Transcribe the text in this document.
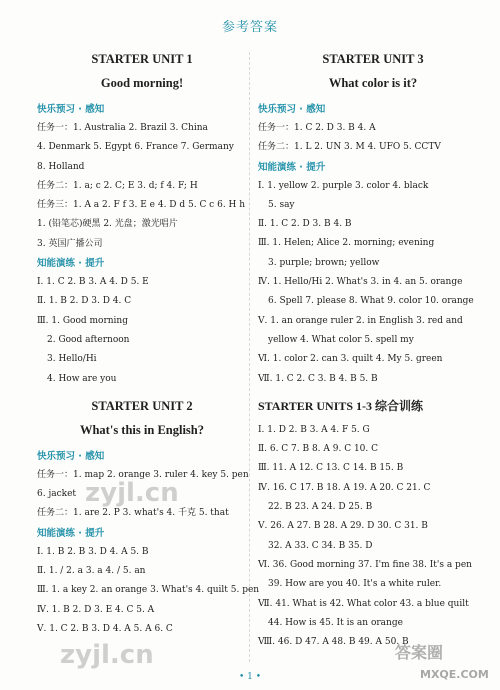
参考答案
STARTER UNIT 1
Good morning!
快乐预习 · 感知
任务一：1. Australia 2. Brazil 3. China
4. Denmark 5. Egypt 6. France 7. Germany
8. Holland
任务二：1. a; c 2. C; E 3. d; f 4. F; H
任务三：1. A a 2. F f 3. E e 4. D d 5. C c 6. H h
1. (铅笔芯)硬黑 2. 光盘；激光唱片
3. 英国广播公司
知能演练 · 提升
Ⅰ. 1. C 2. B 3. A 4. D 5. E
Ⅱ. 1. B 2. D 3. D 4. C
Ⅲ. 1. Good morning
2. Good afternoon
3. Hello/Hi
4. How are you
STARTER UNIT 2
What's this in English?
快乐预习 · 感知
任务一：1. map 2. orange 3. ruler 4. key 5. pen
6. jacket
任务二：1. are 2. P 3. what's 4. 千克 5. that
知能演练 · 提升
Ⅰ. 1. B 2. B 3. D 4. A 5. B
Ⅱ. 1. / 2. a 3. a 4. / 5. an
Ⅲ. 1. a key 2. an orange 3. What's 4. quilt 5. pen
Ⅳ. 1. B 2. D 3. E 4. C 5. A
Ⅴ. 1. C 2. B 3. D 4. A 5. A 6. C
STARTER UNIT 3
What color is it?
快乐预习 · 感知
任务一：1. C 2. D 3. B 4. A
任务二：1. L 2. UN 3. M 4. UFO 5. CCTV
知能演练 · 提升
Ⅰ. 1. yellow 2. purple 3. color 4. black
5. say
Ⅱ. 1. C 2. D 3. B 4. B
Ⅲ. 1. Helen; Alice 2. morning; evening
3. purple; brown; yellow
Ⅳ. 1. Hello/Hi 2. What's 3. in 4. an 5. orange
6. Spell 7. please 8. What 9. color 10. orange
Ⅴ. 1. an orange ruler 2. in English 3. red and
yellow 4. What color 5. spell my
Ⅵ. 1. color 2. can 3. quilt 4. My 5. green
Ⅶ. 1. C 2. C 3. B 4. B 5. B
STARTER UNITS 1-3 综合训练
Ⅰ. 1. D 2. B 3. A 4. F 5. G
Ⅱ. 6. C 7. B 8. A 9. C 10. C
Ⅲ. 11. A 12. C 13. C 14. B 15. B
Ⅳ. 16. C 17. B 18. A 19. A 20. C 21. C
22. B 23. A 24. D 25. B
Ⅴ. 26. A 27. B 28. A 29. D 30. C 31. B
32. A 33. C 34. B 35. D
Ⅵ. 36. Good morning 37. I'm fine 38. It's a pen
39. How are you 40. It's a white ruler.
Ⅶ. 41. What is 42. What color 43. a blue quilt
44. How is 45. It is an orange
Ⅷ. 46. D 47. A 48. B 49. A 50. B
• 1 •
zyjl.cn
zyjl.cn	答案圈
MXQE.COM
